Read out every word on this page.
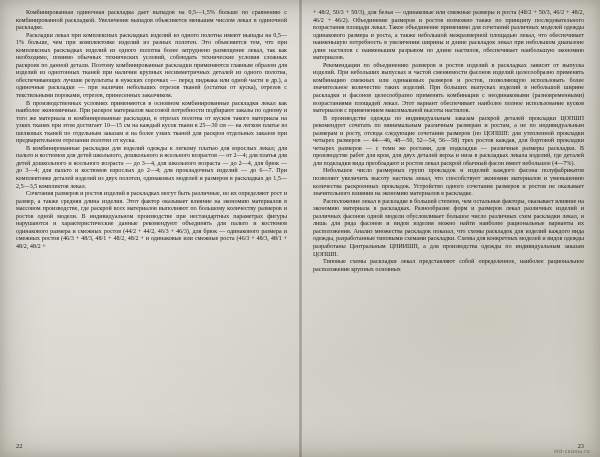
Комбинированная одиночная раскладка дает выпадов на 0,5—1,5% больше по сравнению с комбинированной раскладкой. Увеличение выпадов объясняется меньшим числом лекал в одиночной раскладке.

Раскладки лекал при комплексных раскладках изделий из одного полотна имеют выпады на 0,5—1% больше, чем при комплектовке изделий из разных полотен. Это объясняется тем, что при комплексных раскладках изделий из одного полотна более затруднено размещение лекал, так как необходимо, помимо обычных технических условий, соблюдать технические условия сложных раскроев по данной детали. Поэтому комбинированные раскладки применяются главным образом для изделий из однотонных тканей при наличии крупных несимметричных деталей из одного полотна, обеспечивающих лучшие результаты в нужских сорочках — перед пиджака или одной части и др.), а одиночные раскладки — при наличии небольших отрезов тканей (остатки от куска), отрезов с текстильными пороками, отрезов, принесенных заказчиком.

В производственных условиях применяются в основном комбинированные раскладки лекал как наиболее экономичные. При раскрое материалов массовой потребности подбирают заказы по одному и того же материала и комбинированные раскладки, в отрезах полотна от кусков такого материала на узких тканях при этом достигает 10—15 см на каждый кусок ткани в 25—30 см — на легком платье из шелковых тканей по отдельным заказам и на более узких тканей для раскроя отдельных заказов при предварительном отрезании полотен от куска.

В комбинированные раскладки для изделий одежды к легкому платью для взрослых лекал; для пальто и костюмов для детей школьного, дошкольного и ясельного возрастов — от 2—4; для платья для детей дошкольного и ясельного возраста — до 3—4, для школьного возраста — до 2—4, для брюк — до 3—4; для пальто и костюмов взрослых до 2—4; для прокладочных изделий — до 6—7. При комплектовке деталей изделий из двух полотен, одинаковых моделей и размеров в раскладках до 1,5—2,5—3,5 комплектов лекал.

Сочетания размеров и ростов изделий в раскладках могут быть различные, но их определяют рост и размер, а также средняя длина изделия. Этот фактор оказывает влияние на экономию материалов в массовом производстве, где раскрой всех материалов выполняют по большому количеству размеров и ростов одной модели. В индивидуальном производстве при нестандартных параметрах фигуры нарушаются и характеристические данные рекомендуют объединять для пальто и костюмов одинакового размера и смежных ростов (44/2 + 44/2, 46/3 + 46/3), для брюк — одинакового размера и смежных ростов (46/3 + 48/3, 48/1 + 48/2, 48/2 + и одинаковые или смежные роста (46/3 + 48/3, 48/1 + 48/2, 48/2 +

22

+ 48/2, 50/3 + 50/3), для белья — одинаковые или смежные размеры и роста (48/2 + 50/3, 46/2 + 48/2, 46/2 + 46/2). Объединение размеров и ростов возможно также по принципу последовательного возрастания площади лекал. Такое объединение применимо для сочетаний различных моделей одежды одинакового размера и роста, а также небольшой межразмерной площадью лекал, что обеспечивает наименьшую потребность в увеличении ширины и длине раскладок лекал при небольшом диапазоне длин настилов с наименьшим разрывом по длине настилов, обеспечивает наибольшую экономию материалов.

Рекомендации по объединению размеров и ростов изделий в раскладках зависят от выпуска изделий. При небольших выпусках и частой сменяемости фасонов изделий целесообразно применять комбинацию смежных или одинаковых размеров и ростов, позволяющую использовать более значительное количество таких изделий. При больших выпусках изделий в небольшой ширине раскладки и фасонов целесообразно применять комбинации с неодинаковыми (разновременными) возрастаниями площадей лекал. Этот вариант обеспечивает наиболее полное использование кусков материалов с применением максимальной высоты настилов.

В производстве одежды по индивидуальным заказам раскрой деталей прокладки ЦОПШП рекомендует сочетать по минимальным различным размерам и ростам, а не по индивидуальным размерам и росту, отсюда следующие сочетания размеров (по ЦОПШП: для утепленной прокладки четырех размеров — 44—46, 48—50, 52—54, 56—58) трех ростов каждая, для бортовой прокладки четырех размеров — с теми же ростами, для подкладки — различные размеры раскладки. В производстве работ для кроя, для двух деталей верха и низа в раскладках лекала изделий, где деталей для подкладки вида преобладают и ростов лекал раскрой обычный фасон имеет небольшое (4—7%).

Небольшое число размерных групп прокладок и изделий каждого фасона полуфабрикатов позволяет увеличить высоту настила лекал, что способствует экономии материалов и уменьшению количества раскроенных прокладок. Устройство одного сочетания размеров и ростов не оказывает значительного влияния на экономию материалов в раскладке.

Расположение лекал в раскладке в большей степени, чем остальные факторы, оказывает влияние на экономию материала в раскладках. Разнообразие форм и размеров лекал различных изделий и различных фасонов одной модели обусловливает большое число различных схем раскладки лекал, и лишь для ряда фасонов и видов изделия можно найти наиболее рациональные варианты их расположения. Анализ множества раскладок показал, что схемы раскладок для изделий каждого вида одежды, разработанные типовыми схемами раскладки. Схемы для конкретных моделей и видов одежды разработаны Центральным ЦНИИШП, а для производства одежды по индивидуальным заказам ЦОПШП.

Типовые схемы раскладки лекал представляют собой определенное, наиболее рациональное расположение крупных основных

23
old-сканы.ru
